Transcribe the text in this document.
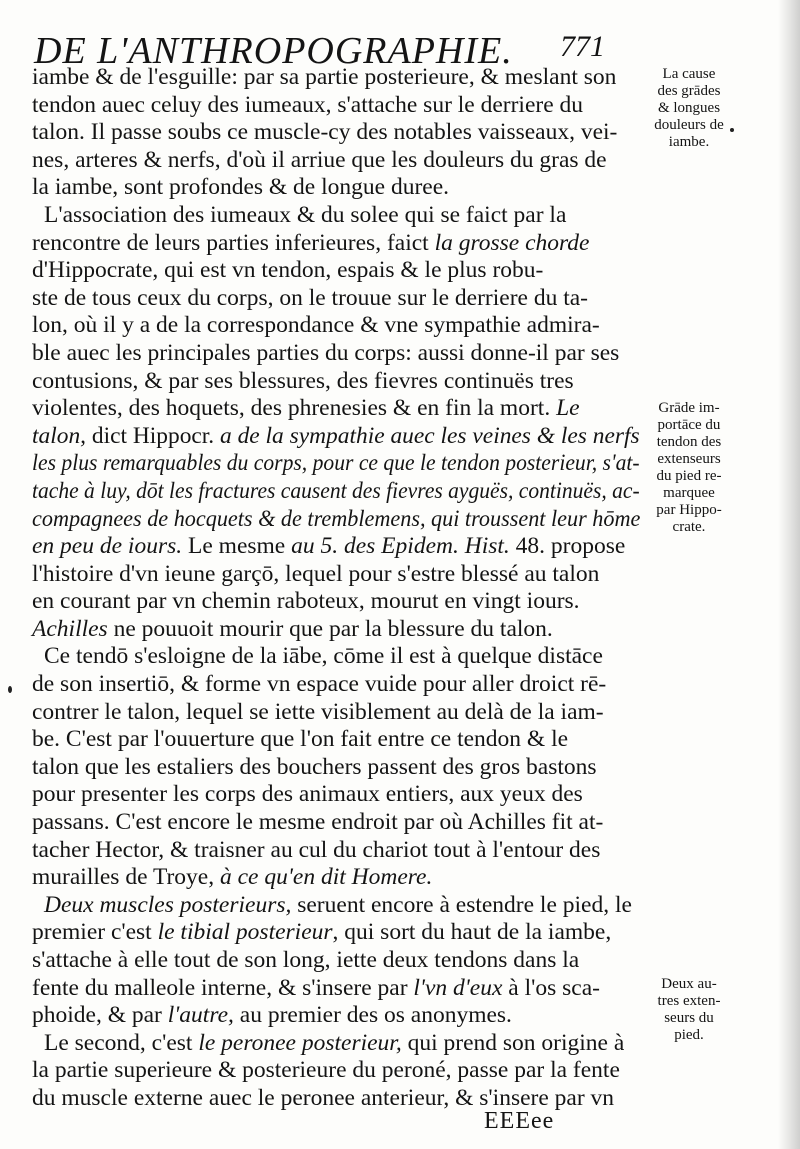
DE L'ANTHROPOGRAPHIE.	771
iambe & de l'esguille: par sa partie posterieure, & meslant son
tendon auec celuy des iumeaux, s'attache sur le derriere du
talon. Il passe soubs ce muscle-cy des notables vaisseaux, vei-
nes, arteres & nerfs, d'où il arriue que les douleurs du gras de
la iambe, sont profondes & de longue duree.
L'association des iumeaux & du solee qui se faict par la
rencontre de leurs parties inferieures, faict la grosse chorde
d'Hippocrate, qui est vn tendon, espais & le plus robu-
ste de tous ceux du corps, on le trouue sur le derriere du ta-
lon, où il y a de la correspondance & vne sympathie admira-
ble auec les principales parties du corps: aussi donne-il par ses
contusions, & par ses blessures, des fievres continuës tres
violentes, des hoquets, des phrenesies & en fin la mort. Le
talon, dict Hippocr. a de la sympathie auec les veines & les nerfs
les plus remarquables du corps, pour ce que le tendon posterieur, s'at-
tache à luy, dōt les fractures causent des fievres ayguës, continuës, ac-
compagnees de hocquets & de tremblemens, qui troussent leur hōme
en peu de iours. Le mesme au 5. des Epidem. Hist. 48. propose
l'histoire d'vn ieune garçō, lequel pour s'estre blessé au talon
en courant par vn chemin raboteux, mourut en vingt iours.
Achilles ne pouuoit mourir que par la blessure du talon.
Ce tendō s'esloigne de la iābe, cōme il est à quelque distāce
de son insertiō, & forme vn espace vuide pour aller droict rē-
contrer le talon, lequel se iette visiblement au delà de la iam-
be. C'est par l'ouuerture que l'on fait entre ce tendon & le
talon que les estaliers des bouchers passent des gros bastons
pour presenter les corps des animaux entiers, aux yeux des
passans. C'est encore le mesme endroit par où Achilles fit at-
tacher Hector, & traisner au cul du chariot tout à l'entour des
murailles de Troye, à ce qu'en dit Homere.
Deux muscles posterieurs, seruent encore à estendre le pied, le
premier c'est le tibial posterieur, qui sort du haut de la iambe,
s'attache à elle tout de son long, iette deux tendons dans la
fente du malleole interne, & s'insere par l'vn d'eux à l'os sca-
phoide, & par l'autre, au premier des os anonymes.
Le second, c'est le peronee posterieur, qui prend son origine à
la partie superieure & posterieure du peroné, passe par la fente
du muscle externe auec le peronee anterieur, & s'insere par vn
La cause
des grādes
& longues
douleurs de
iambe.
Grāde im-
portāce du
tendon des
extenseurs
du pied re-
marquee
par Hippo-
crate.
Deux au-
tres exten-
seurs du
pied.
EEEee
